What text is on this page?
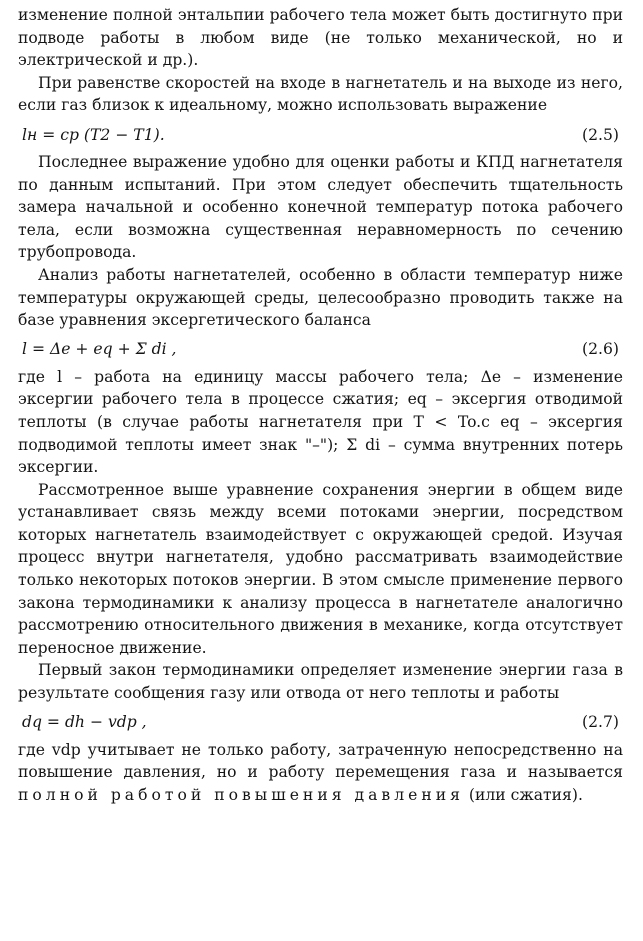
изменение полной энтальпии рабочего тела может быть достигнуто при подводе работы в любом виде (не только механической, но и электрической и др.).

При равенстве скоростей на входе в нагнетатель и на выходе из него, если газ близок к идеальному, можно использовать выражение

lн = cp (T2 − T1).	(2.5)

Последнее выражение удобно для оценки работы и КПД нагнетателя по данным испытаний. При этом следует обеспечить тщательность замера начальной и особенно конечной температур потока рабочего тела, если возможна существенная неравномерность по сечению трубопровода.

Анализ работы нагнетателей, особенно в области температур ниже температуры окружающей среды, целесообразно проводить также на базе уравнения эксергетического баланса

l = Δe + eq + Σ di ,	(2.6)

где l – работа на единицу массы рабочего тела; Δe – изменение эксергии рабочего тела в процессе сжатия; eq – эксергия отводимой теплоты (в случае работы нагнетателя при T < To.c eq – эксергия подводимой теплоты имеет знак "–"); Σ di – сумма внутренних потерь эксергии.

Рассмотренное выше уравнение сохранения энергии в общем виде устанавливает связь между всеми потоками энергии, посредством которых нагнетатель взаимодействует с окружающей средой. Изучая процесс внутри нагнетателя, удобно рассматривать взаимодействие только некоторых потоков энергии. В этом смысле применение первого закона термодинамики к анализу процесса в нагнетателе аналогично рассмотрению относительного движения в механике, когда отсутствует переносное движение.

Первый закон термодинамики определяет изменение энергии газа в результате сообщения газу или отвода от него теплоты и работы

dq = dh − vdp ,	(2.7)

где vdp учитывает не только работу, затраченную непосредственно на повышение давления, но и работу перемещения газа и называется полной работой повышения давления (или сжатия).
